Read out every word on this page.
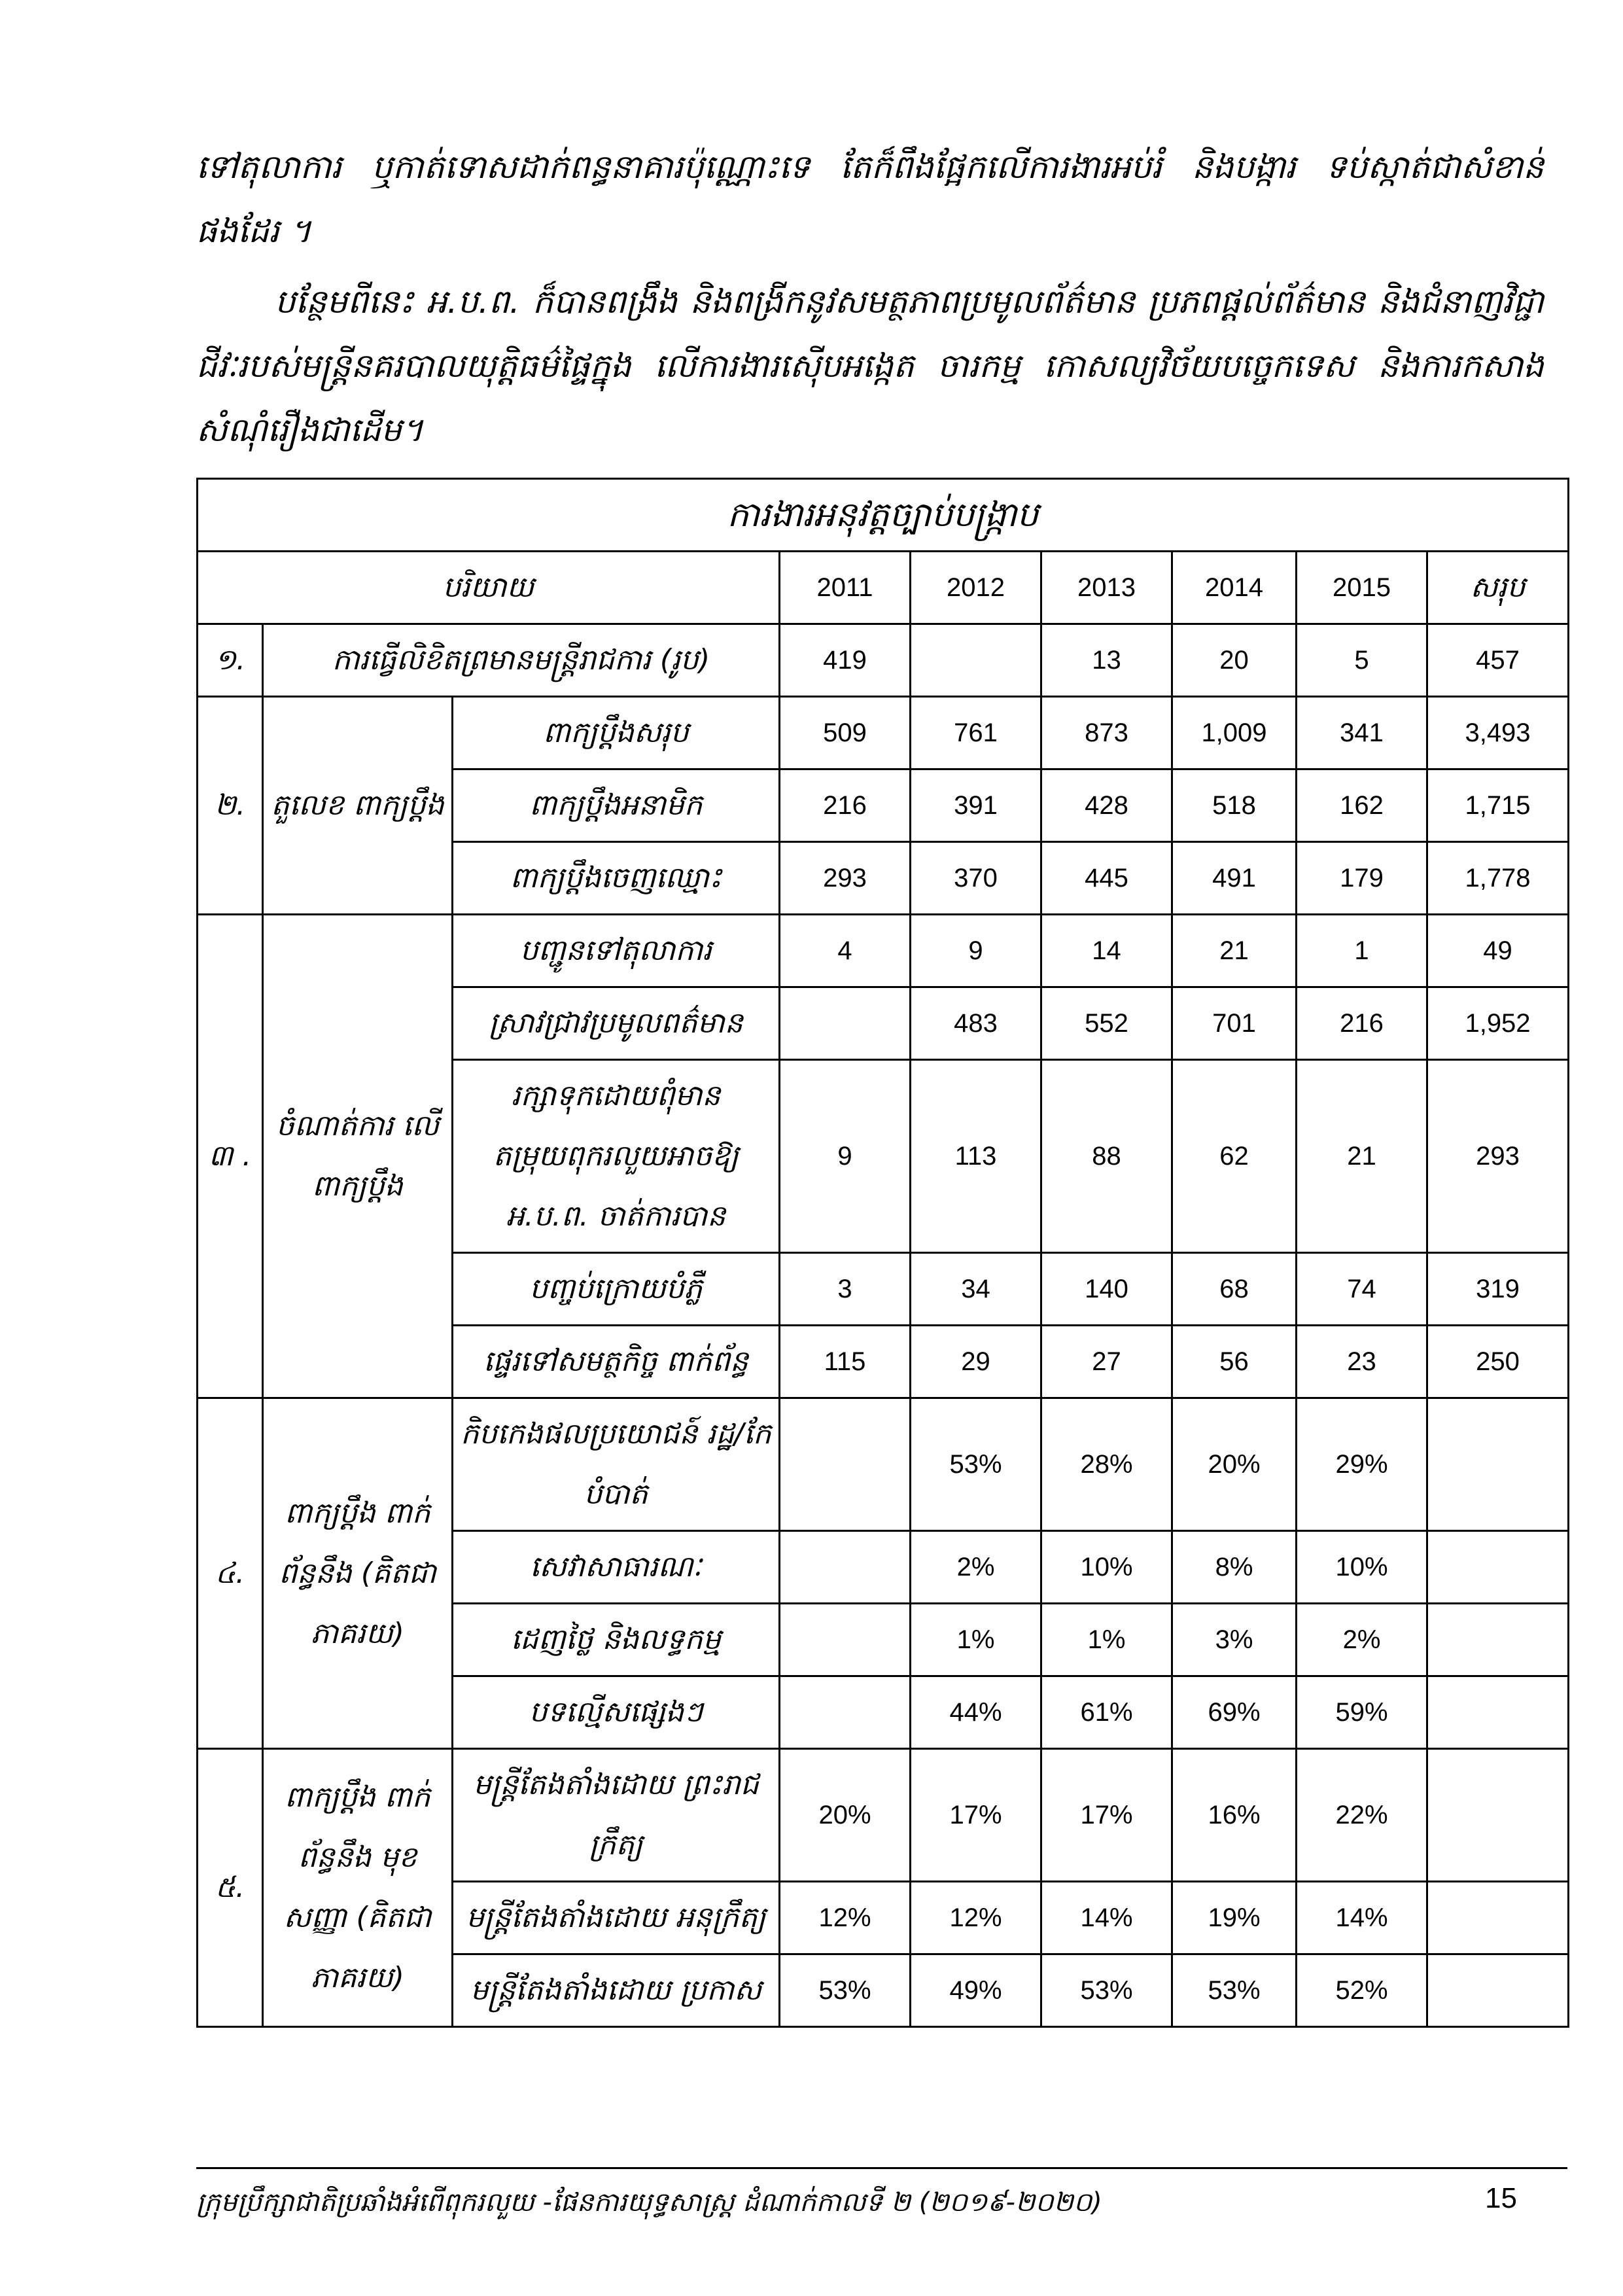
ទៅតុលាការ ឬកាត់ទោសដាក់ពន្ធនាគារប៉ុណ្ណោះទេ តែក៏ពឹងផ្អែកលើការងារអប់រំ និងបង្ការ ទប់ស្កាត់ជាសំខាន់ផងដែរ ។

បន្ថែមពីនេះ អ.ប.ព. ក៏បានពង្រឹង និងពង្រីកនូវសមត្ថភាពប្រមូលព័ត៌មាន ប្រភពផ្តល់ព័ត៌មាន និងជំនាញវិជ្ជាជីវៈរបស់មន្ត្រីនគរបាលយុត្តិធម៌ផ្ទៃក្នុង លើការងារស៊ើបអង្កេត ចារកម្ម កោសល្យវិច័យបច្ចេកទេស និងការកសាងសំណុំរឿងជាដើម។

ការងារអនុវត្តច្បាប់បង្ក្រាប								
បរិយាយ			2011	2012	2013	2014	2015	សរុប
១.	ការធ្វើលិខិតព្រមានមន្ត្រីរាជការ (រូប)		419		13	20	5	457
២.	តួលេខ ពាក្យប្តឹង	ពាក្យប្តឹងសរុប	509	761	873	1,009	341	3,493
		ពាក្យប្តឹងអនាមិក	216	391	428	518	162	1,715
		ពាក្យប្តឹងចេញឈ្មោះ	293	370	445	491	179	1,778
៣ .	ចំណាត់ការ លើពាក្យប្តឹង	បញ្ជូនទៅតុលាការ	4	9	14	21	1	49
		ស្រាវជ្រាវប្រមូលពត៌មាន		483	552	701	216	1,952
		រក្សាទុកដោយពុំមាន តម្រុយពុករលួយអាចឱ្យ អ.ប.ព. ចាត់ការបាន	9	113	88	62	21	293
		បញ្ចប់ក្រោយបំភ្លឺ	3	34	140	68	74	319
		ផ្ទេរទៅសមត្ថកិច្ច ពាក់ព័ន្ធ	115	29	27	56	23	250
៤.	ពាក្យប្តឹង ពាក់ព័ន្ធនឹង (គិតជា ភាគរយ)	កិបកេងផលប្រយោជន៍ រដ្ឋ/កែបំបាត់		53%	28%	20%	29%	
		សេវាសាធារណៈ		2%	10%	8%	10%	
		ដេញថ្លៃ និងលទ្ធកម្ម		1%	1%	3%	2%	
		បទល្មើសផ្សេងៗ		44%	61%	69%	59%	
៥.	ពាក្យប្តឹង ពាក់ព័ន្ធនឹង មុខសញ្ញា (គិតជា ភាគរយ)	មន្ត្រីតែងតាំងដោយ ព្រះរាជក្រឹត្យ	20%	17%	17%	16%	22%	
		មន្ត្រីតែងតាំងដោយ អនុក្រឹត្យ	12%	12%	14%	19%	14%	
		មន្ត្រីតែងតាំងដោយ ប្រកាស	53%	49%	53%	53%	52%	
ក្រុមប្រឹក្សាជាតិប្រឆាំងអំពើពុករលួយ -ផែនការយុទ្ធសាស្ត្រ ដំណាក់កាលទី ២ (២០១៩-២០២០)	15
